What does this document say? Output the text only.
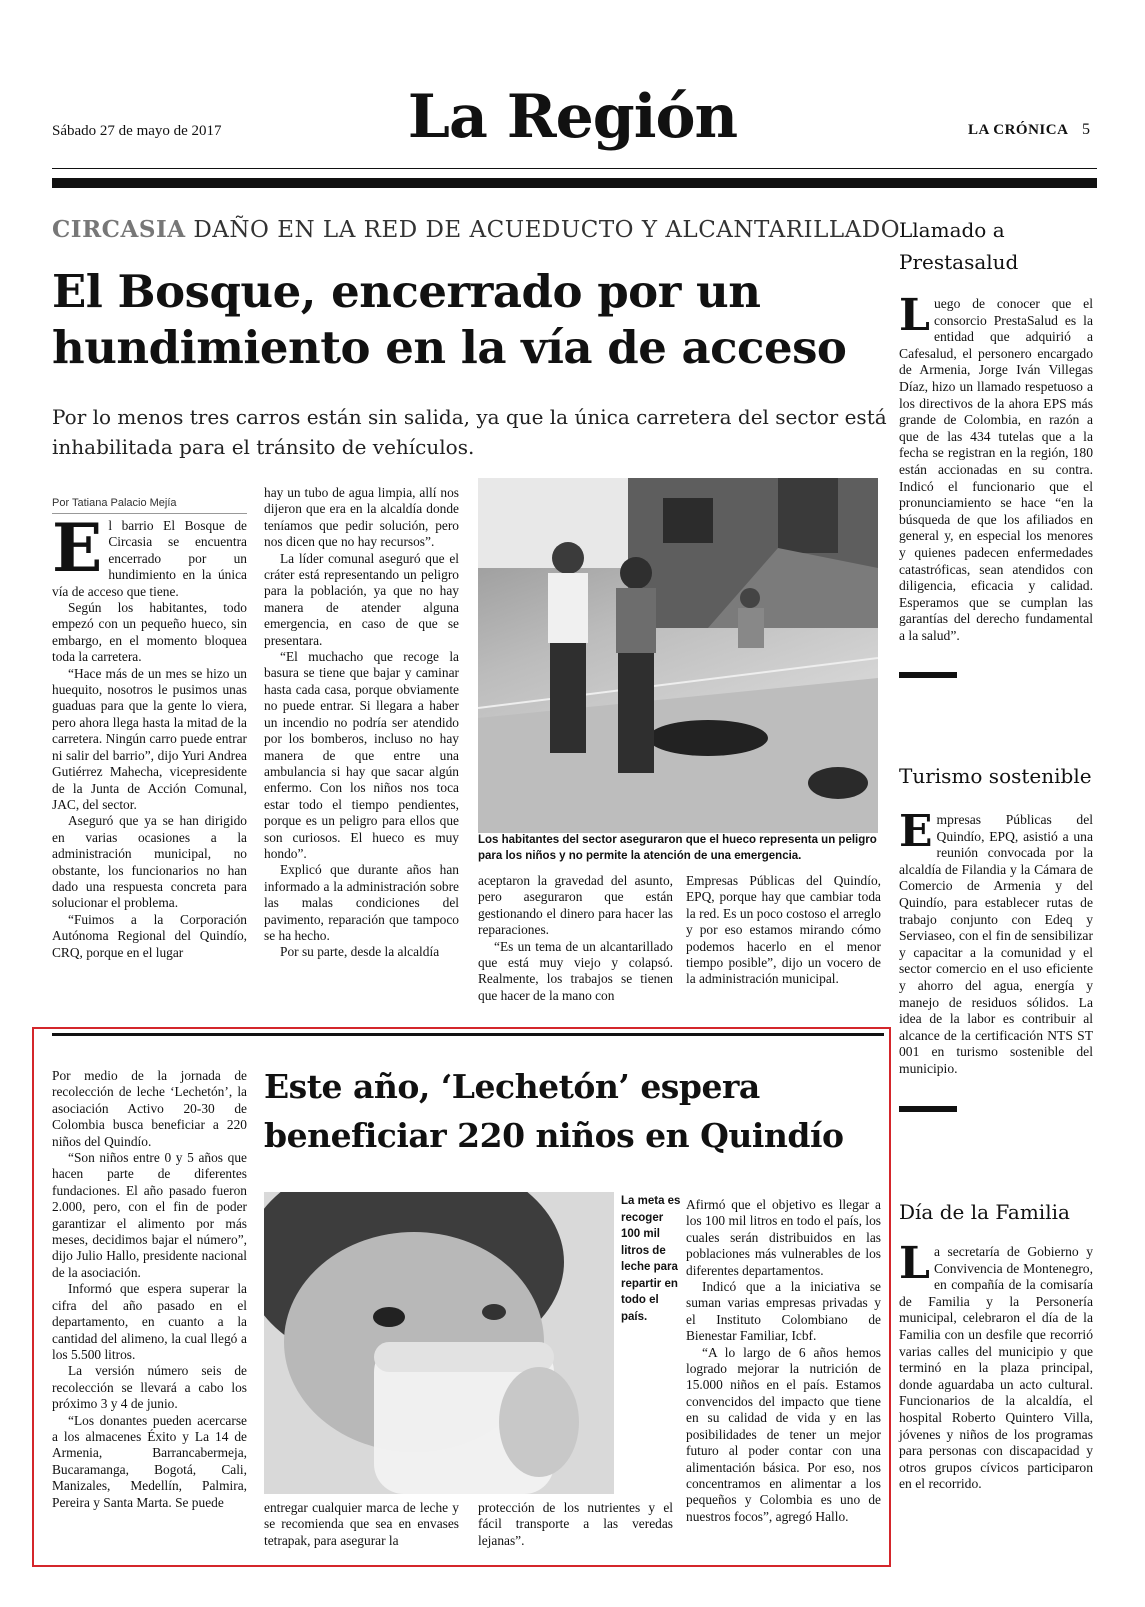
Sábado 27 de mayo de 2017	La Región	LA CRÓNICA 5
CIRCASIA DAÑO EN LA RED DE ACUEDUCTO Y ALCANTARILLADO
El Bosque, encerrado por un hundimiento en la vía de acceso
Por lo menos tres carros están sin salida, ya que la única carretera del sector está inhabilitada para el tránsito de vehículos.
Por Tatiana Palacio Mejía
E l barrio El Bosque de Circasia se encuentra encerrado por un hundimiento en la única vía de acceso que tiene.

Según los habitantes, todo empezó con un pequeño hueco, sin embargo, en el momento bloquea toda la carretera.

“Hace más de un mes se hizo un huequito, nosotros le pusimos unas guaduas para que la gente lo viera, pero ahora llega hasta la mitad de la carretera. Ningún carro puede entrar ni salir del barrio”, dijo Yuri Andrea Gutiérrez Mahecha, vicepresidente de la Junta de Acción Comunal, JAC, del sector.

Aseguró que ya se han dirigido en varias ocasiones a la administración municipal, no obstante, los funcionarios no han dado una respuesta concreta para solucionar el problema.

“Fuimos a la Corporación Autónoma Regional del Quindío, CRQ, porque en el lugar

hay un tubo de agua limpia, allí nos dijeron que era en la alcaldía donde teníamos que pedir solución, pero nos dicen que no hay recursos”.

La líder comunal aseguró que el cráter está representando un peligro para la población, ya que no hay manera de atender alguna emergencia, en caso de que se presentara.

“El muchacho que recoge la basura se tiene que bajar y caminar hasta cada casa, porque obviamente no puede entrar. Si llegara a haber un incendio no podría ser atendido por los bomberos, incluso no hay manera de que entre una ambulancia si hay que sacar algún enfermo. Con los niños nos toca estar todo el tiempo pendientes, porque es un peligro para ellos que son curiosos. El hueco es muy hondo”.

Explicó que durante años han informado a la administración sobre las malas condiciones del pavimento, reparación que tampoco se ha hecho.

Por su parte, desde la alcaldía

Los habitantes del sector aseguraron que el hueco representa un peligro para los niños y no permite la atención de una emergencia.

aceptaron la gravedad del asunto, pero aseguraron que están gestionando el dinero para hacer las reparaciones.

“Es un tema de un alcantarillado que está muy viejo y colapsó. Realmente, los trabajos se tienen que hacer de la mano con

Empresas Públicas del Quindío, EPQ, porque hay que cambiar toda la red. Es un poco costoso el arreglo y por eso estamos mirando cómo podemos hacerlo en el menor tiempo posible”, dijo un vocero de la administración municipal.

Llamado a Prestasalud
L uego de conocer que el consorcio PrestaSalud es la entidad que adquirió a Cafesalud, el personero encargado de Armenia, Jorge Iván Villegas Díaz, hizo un llamado respetuoso a los directivos de la ahora EPS más grande de Colombia, en razón a que de las 434 tutelas que a la fecha se registran en la región, 180 están accionadas en su contra. Indicó el funcionario que el pronunciamiento se hace “en la búsqueda de que los afiliados en general y, en especial los menores y quienes padecen enfermedades catastróficas, sean atendidos con diligencia, eficacia y calidad. Esperamos que se cumplan las garantías del derecho fundamental a la salud”.
Turismo sostenible
E mpresas Públicas del Quindío, EPQ, asistió a una reunión convocada por la alcaldía de Filandia y la Cámara de Comercio de Armenia y del Quindío, para establecer rutas de trabajo conjunto con Edeq y Serviaseo, con el fin de sensibilizar y capacitar a la comunidad y el sector comercio en el uso eficiente y ahorro del agua, energía y manejo de residuos sólidos. La idea de la labor es contribuir al alcance de la certificación NTS ST 001 en turismo sostenible del municipio.
Día de la Familia
L a secretaría de Gobierno y Convivencia de Montenegro, en compañía de la comisaría de Familia y la Personería municipal, celebraron el día de la Familia con un desfile que recorrió varias calles del municipio y que terminó en la plaza principal, donde aguardaba un acto cultural. Funcionarios de la alcaldía, el hospital Roberto Quintero Villa, jóvenes y niños de los programas para personas con discapacidad y otros grupos cívicos participaron en el recorrido.
Este año, ‘Lechetón’ espera beneficiar 220 niños en Quindío

Por medio de la jornada de recolección de leche ‘Lechetón’, la asociación Activo 20-30 de Colombia busca beneficiar a 220 niños del Quindío.

“Son niños entre 0 y 5 años que hacen parte de diferentes fundaciones. El año pasado fueron 2.000, pero, con el fin de poder garantizar el alimento por más meses, decidimos bajar el número”, dijo Julio Hallo, presidente nacional de la asociación.

Informó que espera superar la cifra del año pasado en el departamento, en cuanto a la cantidad del alimeno, la cual llegó a los 5.500 litros.

La versión número seis de recolección se llevará a cabo los próximo 3 y 4 de junio.

“Los donantes pueden acercarse a los almacenes Éxito y La 14 de Armenia, Barrancabermeja, Bucaramanga, Bogotá, Cali, Manizales, Medellín, Palmira, Pereira y Santa Marta. Se puede

La meta es recoger 100 mil litros de leche para repartir en todo el país.

entregar cualquier marca de leche y se recomienda que sea en envases tetrapak, para asegurar la

protección de los nutrientes y el fácil transporte a las veredas lejanas”.

Afirmó que el objetivo es llegar a los 100 mil litros en todo el país, los cuales serán distribuidos en las poblaciones más vulnerables de los diferentes departamentos.

Indicó que a la iniciativa se suman varias empresas privadas y el Instituto Colombiano de Bienestar Familiar, Icbf.

“A lo largo de 6 años hemos logrado mejorar la nutrición de 15.000 niños en el país. Estamos convencidos del impacto que tiene en su calidad de vida y en las posibilidades de tener un mejor futuro al poder contar con una alimentación básica. Por eso, nos concentramos en alimentar a los pequeños y Colombia es uno de nuestros focos”, agregó Hallo.
